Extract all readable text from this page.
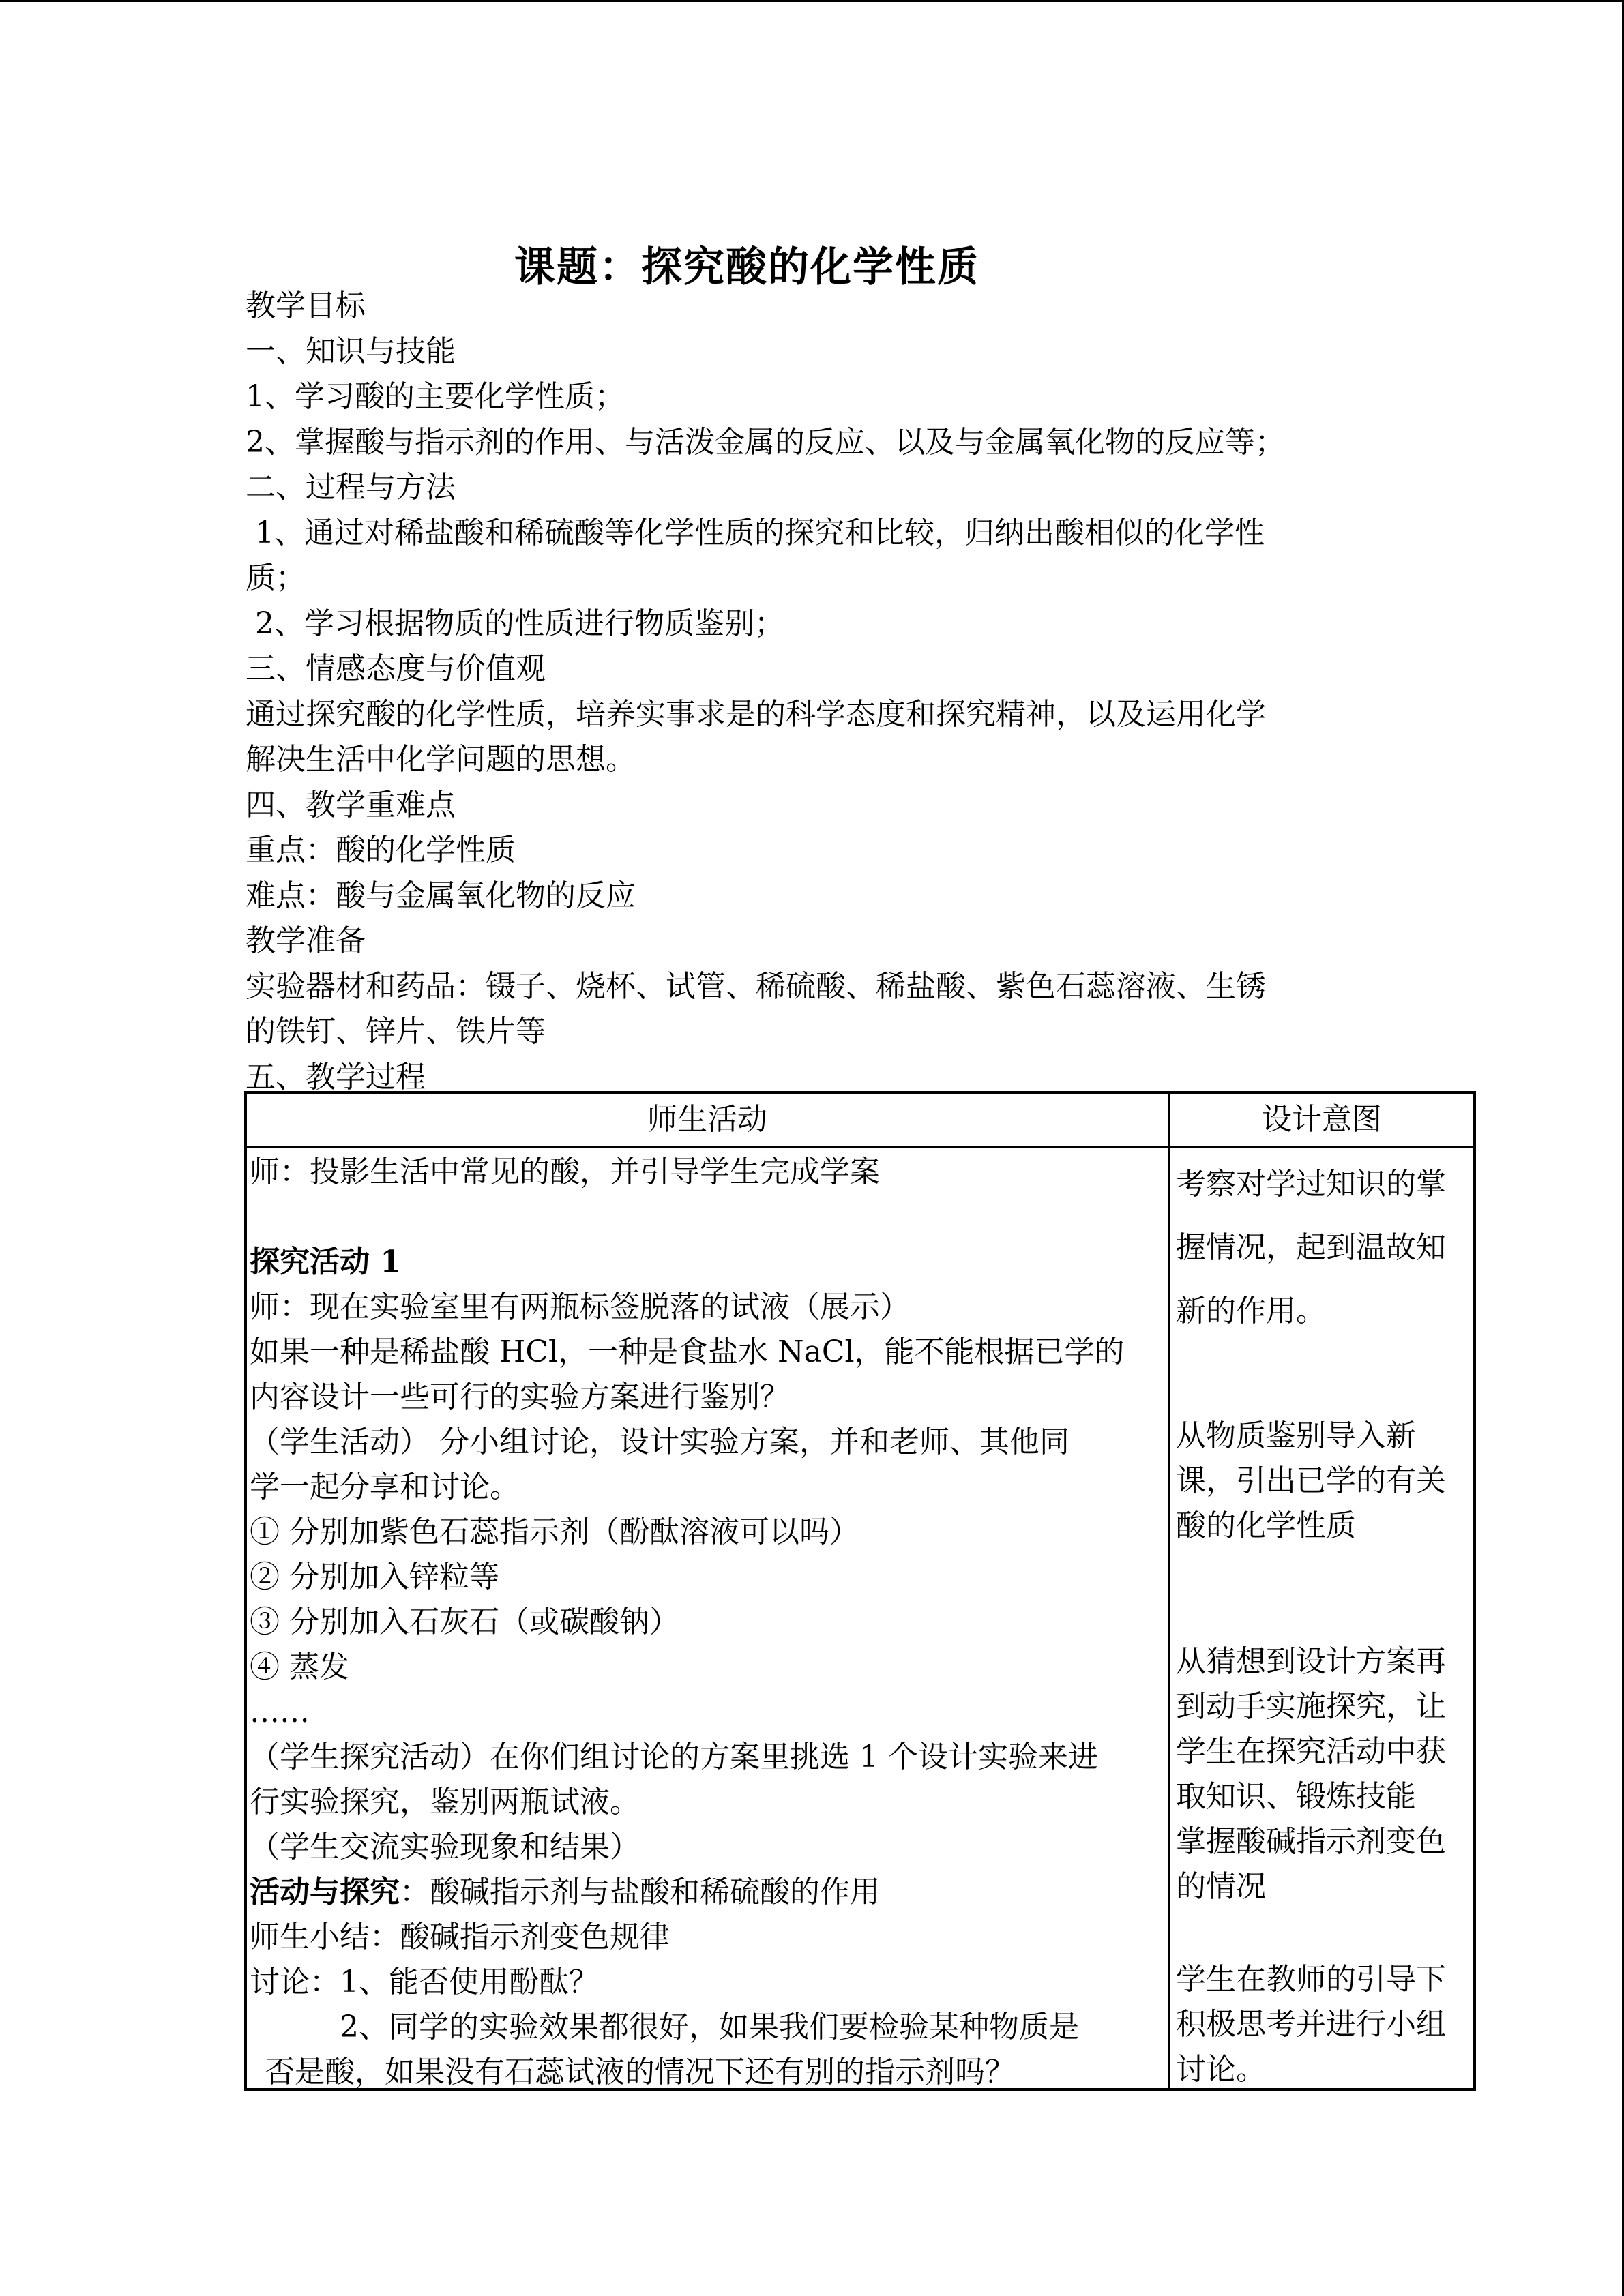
课题：探究酸的化学性质

教学目标

一、知识与技能

1、学习酸的主要化学性质；

2、掌握酸与指示剂的作用、与活泼金属的反应、以及与金属氧化物的反应等；

二、过程与方法

1、通过对稀盐酸和稀硫酸等化学性质的探究和比较，归纳出酸相似的化学性

质；

2、学习根据物质的性质进行物质鉴别；

三、情感态度与价值观

通过探究酸的化学性质，培养实事求是的科学态度和探究精神，以及运用化学

解决生活中化学问题的思想。

四、教学重难点

重点：酸的化学性质

难点：酸与金属氧化物的反应

教学准备

实验器材和药品：镊子、烧杯、试管、稀硫酸、稀盐酸、紫色石蕊溶液、生锈

的铁钉、锌片、铁片等

五、教学过程

师生活动	设计意图

师：投影生活中常见的酸，并引导学生完成学案

探究活动 1

师：现在实验室里有两瓶标签脱落的试液（展示）

如果一种是稀盐酸 HCl，一种是食盐水 NaCl，能不能根据已学的

内容设计一些可行的实验方案进行鉴别？

（学生活动） 分小组讨论，设计实验方案，并和老师、其他同

学一起分享和讨论。

① 分别加紫色石蕊指示剂（酚酞溶液可以吗）

② 分别加入锌粒等

③ 分别加入石灰石（或碳酸钠）

④ 蒸发

……

（学生探究活动）在你们组讨论的方案里挑选 1 个设计实验来进

行实验探究，鉴别两瓶试液。

（学生交流实验现象和结果）

活动与探究：酸碱指示剂与盐酸和稀硫酸的作用

师生小结：酸碱指示剂变色规律

讨论：1、能否使用酚酞？

2、同学的实验效果都很好，如果我们要检验某种物质是

否是酸，如果没有石蕊试液的情况下还有别的指示剂吗？

考察对学过知识的掌

握情况，起到温故知

新的作用。

从物质鉴别导入新

课，引出已学的有关

酸的化学性质

从猜想到设计方案再

到动手实施探究，让

学生在探究活动中获

取知识、锻炼技能

掌握酸碱指示剂变色

的情况

学生在教师的引导下

积极思考并进行小组

讨论。
